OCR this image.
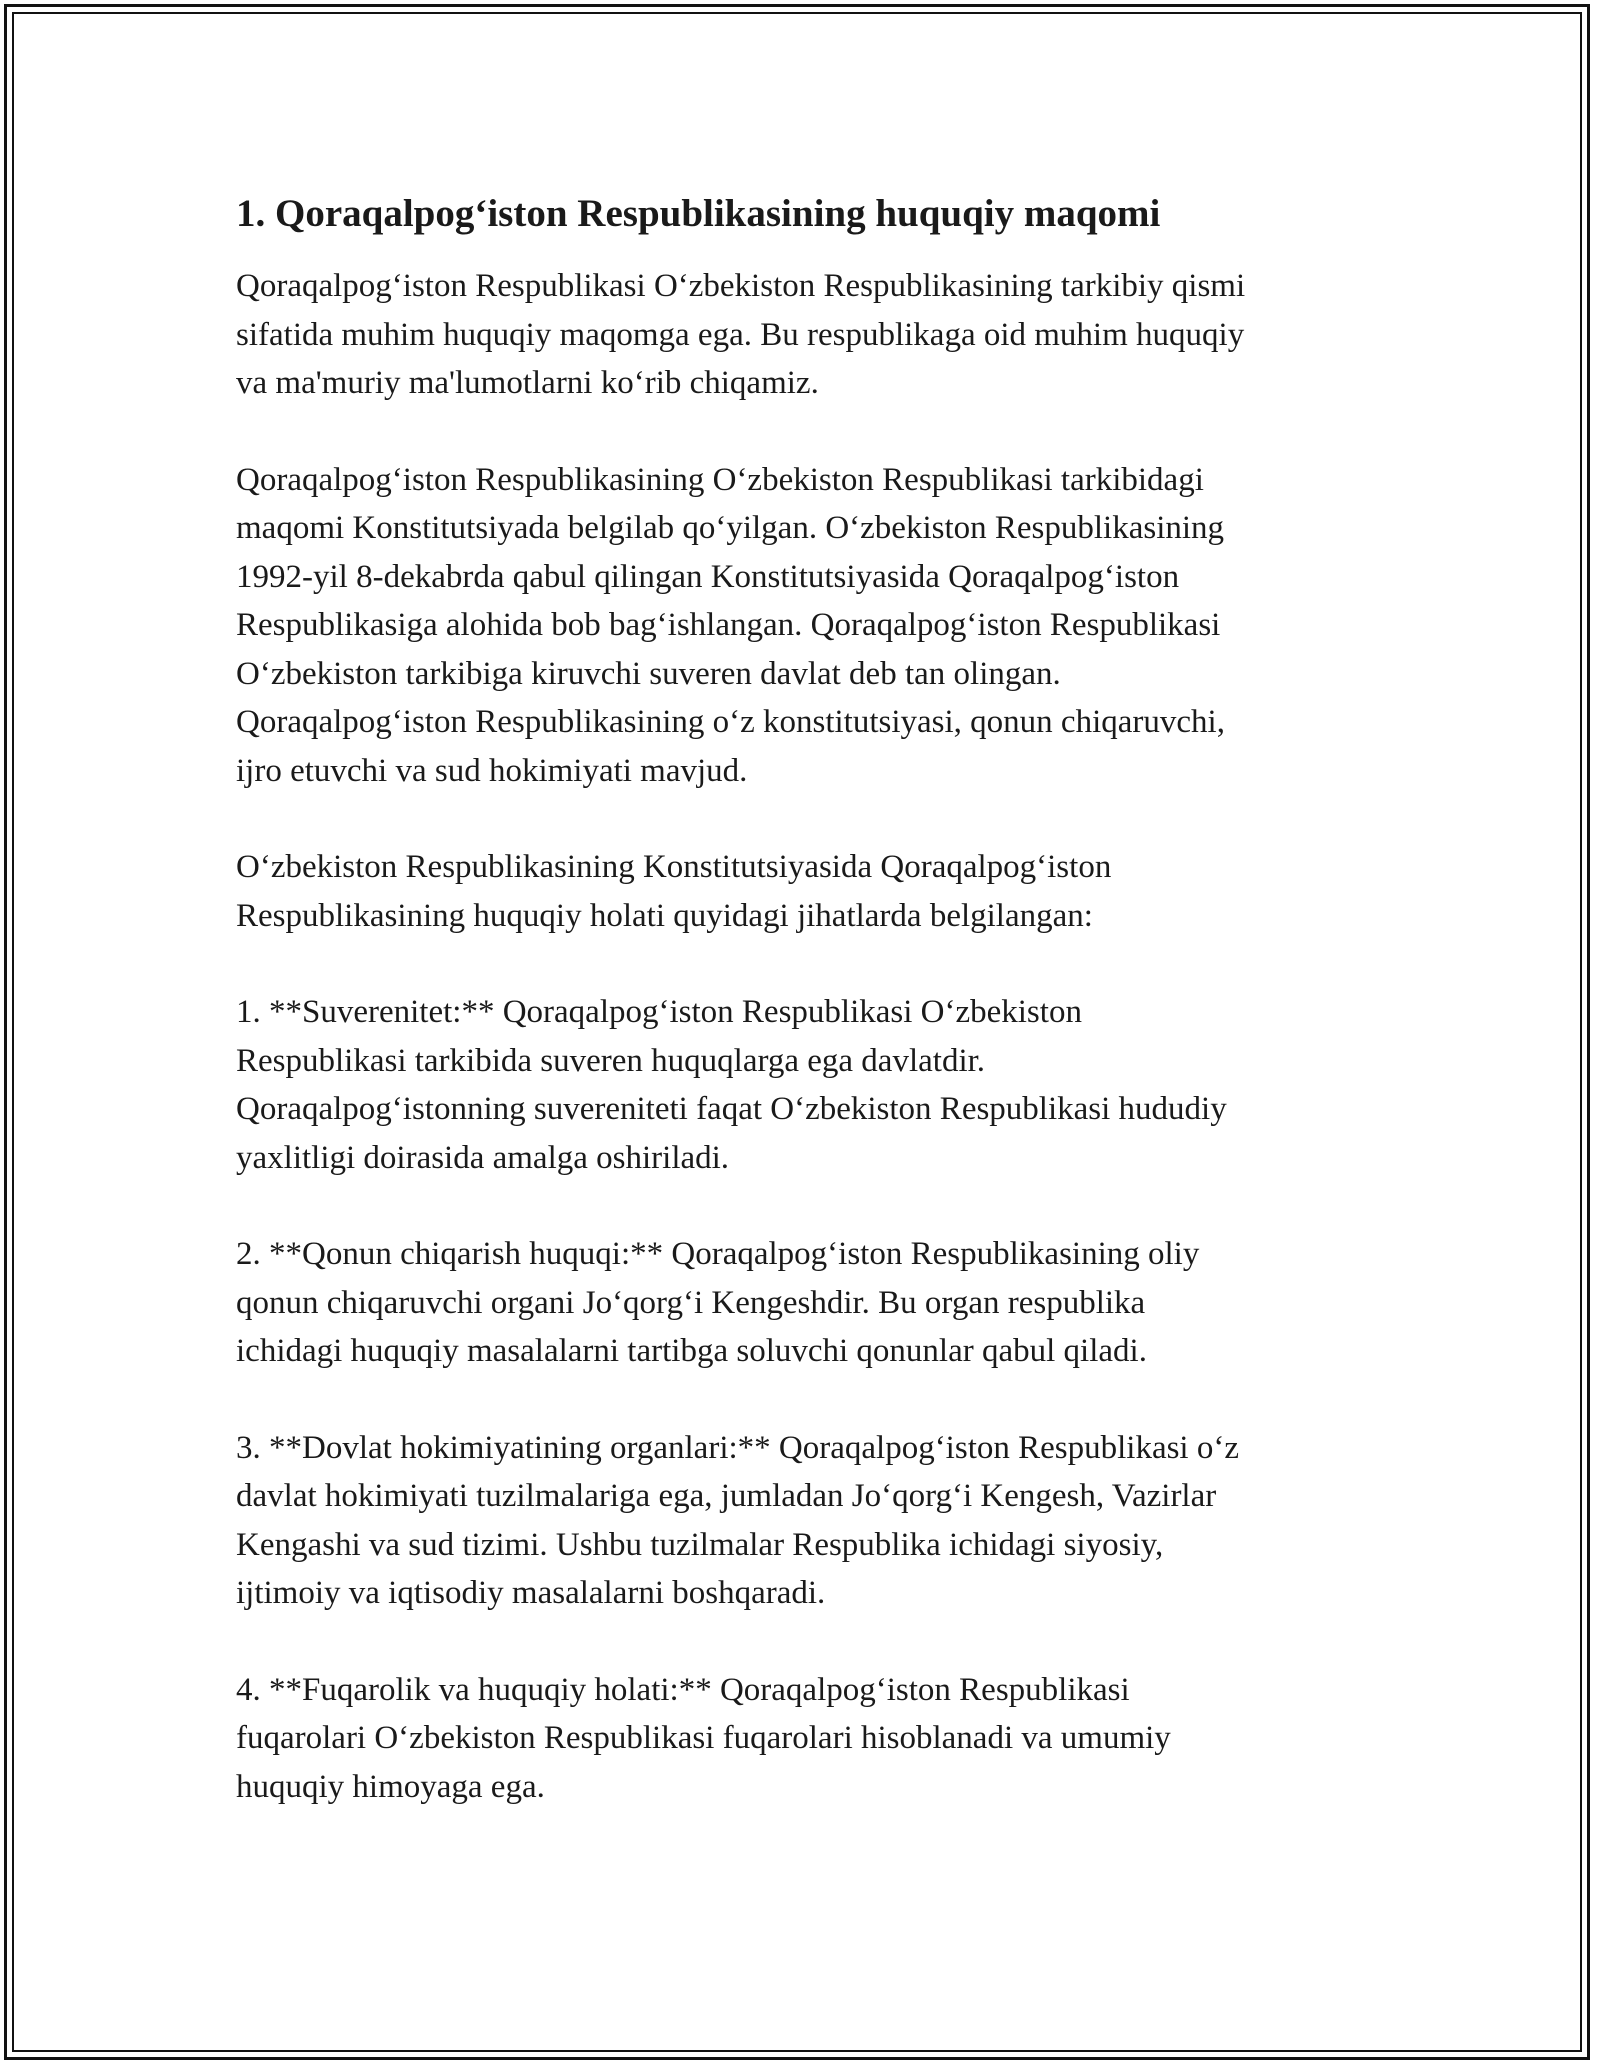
1. Qoraqalpog‘iston Respublikasining huquqiy maqomi
Qoraqalpog‘iston Respublikasi O‘zbekiston Respublikasining tarkibiy qismi
sifatida muhim huquqiy maqomga ega. Bu respublikaga oid muhim huquqiy
va ma'muriy ma'lumotlarni ko‘rib chiqamiz.
Qoraqalpog‘iston Respublikasining O‘zbekiston Respublikasi tarkibidagi
maqomi Konstitutsiyada belgilab qo‘yilgan. O‘zbekiston Respublikasining
1992-yil 8-dekabrda qabul qilingan Konstitutsiyasida Qoraqalpog‘iston
Respublikasiga alohida bob bag‘ishlangan. Qoraqalpog‘iston Respublikasi
O‘zbekiston tarkibiga kiruvchi suveren davlat deb tan olingan.
Qoraqalpog‘iston Respublikasining o‘z konstitutsiyasi, qonun chiqaruvchi,
ijro etuvchi va sud hokimiyati mavjud.
O‘zbekiston Respublikasining Konstitutsiyasida Qoraqalpog‘iston
Respublikasining huquqiy holati quyidagi jihatlarda belgilangan:
1. **Suverenitet:** Qoraqalpog‘iston Respublikasi O‘zbekiston
Respublikasi tarkibida suveren huquqlarga ega davlatdir.
Qoraqalpog‘istonning suvereniteti faqat O‘zbekiston Respublikasi hududiy
yaxlitligi doirasida amalga oshiriladi.
2. **Qonun chiqarish huquqi:** Qoraqalpog‘iston Respublikasining oliy
qonun chiqaruvchi organi Jo‘qorg‘i Kengeshdir. Bu organ respublika
ichidagi huquqiy masalalarni tartibga soluvchi qonunlar qabul qiladi.
3. **Dovlat hokimiyatining organlari:** Qoraqalpog‘iston Respublikasi o‘z
davlat hokimiyati tuzilmalariga ega, jumladan Jo‘qorg‘i Kengesh, Vazirlar
Kengashi va sud tizimi. Ushbu tuzilmalar Respublika ichidagi siyosiy,
ijtimoiy va iqtisodiy masalalarni boshqaradi.
4. **Fuqarolik va huquqiy holati:** Qoraqalpog‘iston Respublikasi
fuqarolari O‘zbekiston Respublikasi fuqarolari hisoblanadi va umumiy
huquqiy himoyaga ega.
